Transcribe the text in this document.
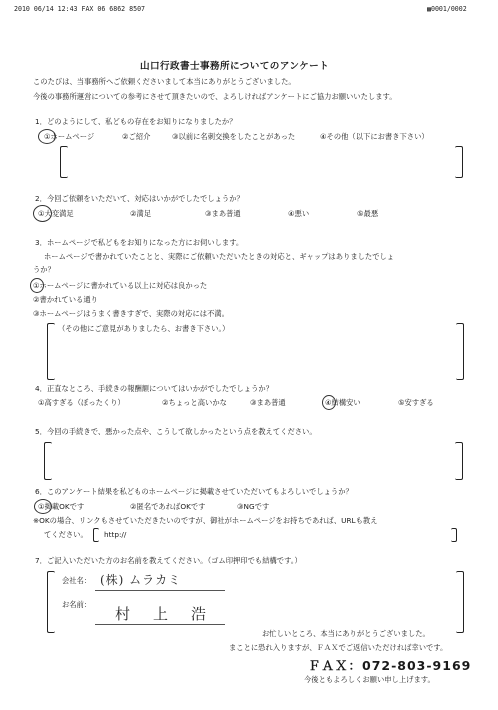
2010 06/14 12:43 FAX 06 6862 8507	▩0001/0002
山口行政書士事務所についてのアンケート
このたびは、当事務所へご依頼くださいまして本当にありがとうございました。
今後の事務所運営についての参考にさせて頂きたいので、よろしければアンケートにご協力お願いいたします。
1．どのようにして、私どもの存在をお知りになりましたか？
①ホームページ	②ご紹介	③以前に名刺交換をしたことがあった	④その他（以下にお書き下さい）
2．今回ご依頼をいただいて、対応はいかがでしたでしょうか？
①大変満足	②満足	③まあ普通	④悪い	⑤最悪
3．ホームページで私どもをお知りになった方にお伺いします。
ホームページで書かれていたことと、実際にご依頼いただいたときの対応と、ギャップはありましたでしょ
うか？
①ホームページに書かれている以上に対応は良かった
②書かれている通り
③ホームページはうまく書きすぎで、実際の対応には不満。
（その他にご意見がありましたら、お書き下さい。）
4．正直なところ、手続きの報酬額についてはいかがでしたでしょうか？
①高すぎる（ぼったくり）	②ちょっと高いかな	③まあ普通	④結構安い	⑤安すぎる
5．今回の手続きで、悪かった点や、こうして欲しかったという点を教えてください。
6．このアンケート結果を私どものホームページに掲載させていただいてもよろしいでしょうか？
①掲載OKです	②匿名であればOKです	③NGです
※OKの場合、リンクもさせていただきたいのですが、御社がホームページをお持ちであれば、URLも教え
てください。 http://
7．ご記入いただいた方のお名前を教えてください。（ゴム印押印でも結構です。）
会社名： (株) ムラカミ
お名前：
村　上　浩
お忙しいところ、本当にありがとうございました。
まことに恐れ入りますが、ＦＡＸでご返信いただければ幸いです。
ＦＡＸ：072-803-9169
今後ともよろしくお願い申し上げます。
